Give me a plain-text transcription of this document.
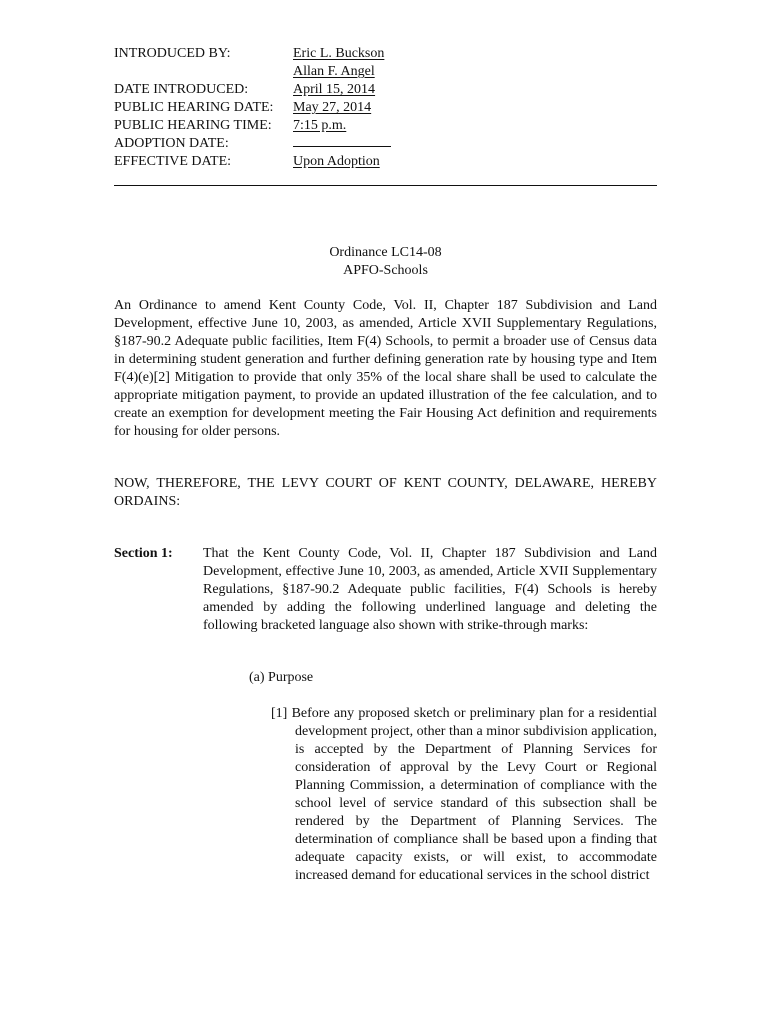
INTRODUCED BY:	Eric L. Buckson
Allan F. Angel
DATE INTRODUCED:	April 15, 2014
PUBLIC HEARING DATE:	May 27, 2014
PUBLIC HEARING TIME:	7:15 p.m.
ADOPTION DATE:
EFFECTIVE DATE:	Upon Adoption
Ordinance LC14-08
APFO-Schools
An Ordinance to amend Kent County Code, Vol. II, Chapter 187 Subdivision and Land Development, effective June 10, 2003, as amended, Article XVII Supplementary Regulations, §187-90.2 Adequate public facilities, Item F(4) Schools, to permit a broader use of Census data in determining student generation and further defining generation rate by housing type and Item F(4)(e)[2] Mitigation to provide that only 35% of the local share shall be used to calculate the appropriate mitigation payment, to provide an updated illustration of the fee calculation, and to create an exemption for development meeting the Fair Housing Act definition and requirements for housing for older persons.
NOW, THEREFORE, THE LEVY COURT OF KENT COUNTY, DELAWARE, HEREBY ORDAINS:
Section 1: That the Kent County Code, Vol. II, Chapter 187 Subdivision and Land Development, effective June 10, 2003, as amended, Article XVII Supplementary Regulations, §187-90.2 Adequate public facilities, F(4) Schools is hereby amended by adding the following underlined language and deleting the following bracketed language also shown with strike-through marks:
(a) Purpose
[1] Before any proposed sketch or preliminary plan for a residential development project, other than a minor subdivision application, is accepted by the Department of Planning Services for consideration of approval by the Levy Court or Regional Planning Commission, a determination of compliance with the school level of service standard of this subsection shall be rendered by the Department of Planning Services. The determination of compliance shall be based upon a finding that adequate capacity exists, or will exist, to accommodate increased demand for educational services in the school district
